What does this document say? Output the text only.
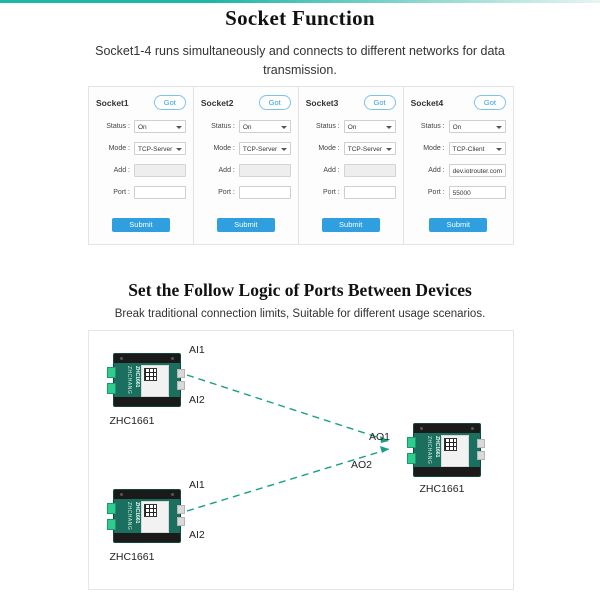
Socket Function
Socket1-4 runs simultaneously and connects to different networks for data transmission.
Socket1	Got
Status :	On
Mode :	TCP-Server
Add :
Port :
Submit
Socket2	Got
Status :	On
Mode :	TCP-Server
Add :
Port :
Submit
Socket3	Got
Status :	On
Mode :	TCP-Server
Add :
Port :
Submit
Socket4	Got
Status :	On
Mode :	TCP-Client
Add :	dev.iotrouter.com
Port :	55000
Submit
Set the Follow Logic of Ports Between Devices
Break traditional connection limits, Suitable for different usage scenarios.
ZHCHANG ZHC1661
ZHC1661
AI1
AI2
ZHCHANG ZHC1661
ZHC1661
AI1
AI2
ZHCHANG ZHC1661
ZHC1661
AO1
AO2
